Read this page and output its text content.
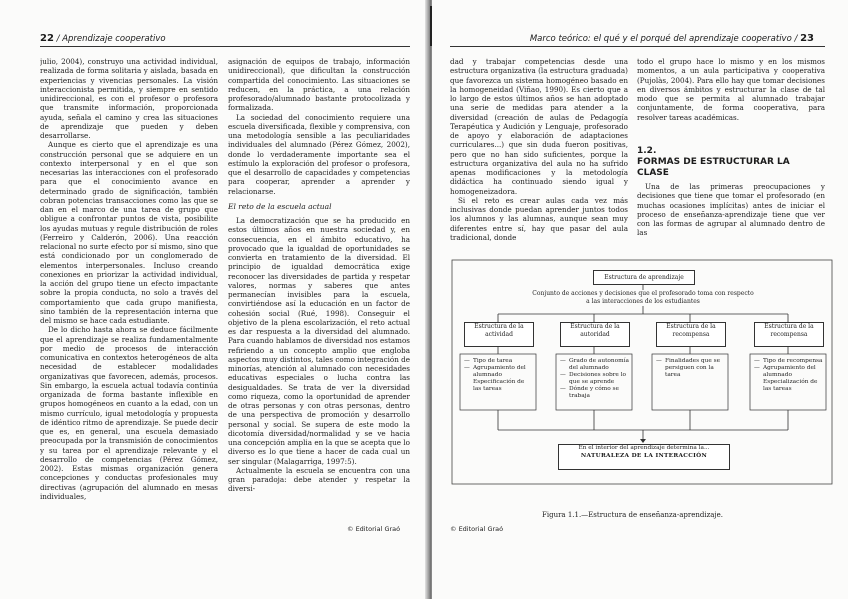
22 / Aprendizaje cooperativo

julio, 2004), construyo una actividad individual, realizada de forma solitaria y aislada, basada en experiencias y vivencias personales. La visión interaccionista permitida, y siempre en sentido unidireccional, es con el profesor o profesora que transmite información, proporcionada ayuda, señala el camino y crea las situaciones de aprendizaje que pueden y deben desarrollarse.

Aunque es cierto que el aprendizaje es una construcción personal que se adquiere en un contexto interpersonal y en el que son necesarias las interacciones con el profesorado para que el conocimiento avance en determinado grado de significación, también cobran potencias transacciones como las que se dan en el marco de una tarea de grupo que obligue a confrontar puntos de vista, posibilite los ayudas mutuas y regule distribución de roles (Ferreiro y Calderón, 2006). Una reacción relacional no surte efecto por sí mismo, sino que está condicionado por un conglomerado de elementos interpersonales. Incluso creando conexiones en priorizar la actividad individual, la acción del grupo tiene un efecto impactante sobre la propia conducta, no solo a través del comportamiento que cada grupo manifiesta, sino también de la representación interna que del mismo se hace cada estudiante.

De lo dicho hasta ahora se deduce fácilmente que el aprendizaje se realiza fundamentalmente por medio de procesos de interacción comunicativa en contextos heterogéneos de alta necesidad de establecer modalidades organizativas que favorecen, además, procesos. Sin embargo, la escuela actual todavía continúa organizada de forma bastante inflexible en grupos homogéneos en cuanto a la edad, con un mismo currículo, igual metodología y propuesta de idéntico ritmo de aprendizaje. Se puede decir que es, en general, una escuela demasiado preocupada por la transmisión de conocimientos y su tarea por el aprendizaje relevante y el desarrollo de competencias (Pérez Gómez, 2002). Estas mismas organización genera concepciones y conductas profesionales muy directivas (agrupación del alumnado en mesas individuales,

asignación de equipos de trabajo, información unidireccional), que dificultan la construcción compartida del conocimiento. Las situaciones se reducen, en la práctica, a una relación profesorado/alumnado bastante protocolizada y formalizada.

La sociedad del conocimiento requiere una escuela diversificada, flexible y comprensiva, con una metodología sensible a las peculiaridades individuales del alumnado (Pérez Gómez, 2002), donde lo verdaderamente importante sea el estímulo la exploración del profesor o profesora, que el desarrollo de capacidades y competencias para cooperar, aprender a aprender y relacionarse.

El reto de la escuela actual

La democratización que se ha producido en estos últimos años en nuestra sociedad y, en consecuencia, en el ámbito educativo, ha provocado que la igualdad de oportunidades se convierta en tratamiento de la diversidad. El principio de igualdad democrática exige reconocer las diversidades de partida y respetar valores, normas y saberes que antes permanecían invisibles para la escuela, convirtiéndose así la educación en un factor de cohesión social (Rué, 1998). Conseguir el objetivo de la plena escolarización, el reto actual es dar respuesta a la diversidad del alumnado. Para cuando hablamos de diversidad nos estamos refiriendo a un concepto amplio que engloba aspectos muy distintos, tales como integración de minorías, atención al alumnado con necesidades educativas especiales o lucha contra las desigualdades. Se trata de ver la diversidad como riqueza, como la oportunidad de aprender de otras personas y con otras personas, dentro de una perspectiva de promoción y desarrollo personal y social. Se supera de este modo la dicotomía diversidad/normalidad y se ve hacia una concepción amplia en la que se acepta que lo diverso es lo que tiene a hacer de cada cual un ser singular (Malagarriga, 1997:5).

Actualmente la escuela se encuentra con una gran paradoja: debe atender y respetar la diversi-

© Editorial Graó
Marco teórico: el qué y el porqué del aprendizaje cooperativo / 23

dad y trabajar competencias desde una estructura organizativa (la estructura graduada) que favorezca un sistema homogéneo basado en la homogeneidad (Viñao, 1990). Es cierto que a lo largo de estos últimos años se han adoptado una serie de medidas para atender a la diversidad (creación de aulas de Pedagogía Terapéutica y Audición y Lenguaje, profesorado de apoyo y elaboración de adaptaciones curriculares...) que sin duda fueron positivas, pero que no han sido suficientes, porque la estructura organizativa del aula no ha sufrido apenas modificaciones y la metodología didáctica ha continuado siendo igual y homogeneizadora.

Si el reto es crear aulas cada vez más inclusivas donde puedan aprender juntos todos los alumnos y las alumnas, aunque sean muy diferentes entre sí, hay que pasar del aula tradicional, donde

todo el grupo hace lo mismo y en los mismos momentos, a un aula participativa y cooperativa (Pujolàs, 2004). Para ello hay que tomar decisiones en diversos ámbitos y estructurar la clase de tal modo que se permita al alumnado trabajar conjuntamente, de forma cooperativa, para resolver tareas académicas.

1.2.FORMAS DE ESTRUCTURAR LA CLASE

Una de las primeras preocupaciones y decisiones que tiene que tomar el profesorado (en muchas ocasiones implícitas) antes de iniciar el proceso de enseñanza-aprendizaje tiene que ver con las formas de agrupar al alumnado dentro de las

Estructura de aprendizaje
Conjunto de acciones y decisiones que el profesorado toma con respecto a las interacciones de los estudiantes
Estructura de la actividad
Estructura de la autoridad
Estructura de la recompensa
Estructura de la recompensa
— Tipo de tarea
— Agrupamiento del alumnado Especificación de las tareas
— Grado de autonomía del alumnado
— Decisiones sobre lo que se aprende
— Dónde y cómo se trabaja
— Finalidades que se persiguen con la tarea
— Tipo de recompensa
— Agrupamiento del alumnado Especialización de las tareas
En el interior del aprendizaje determina la...
NATURALEZA DE LA INTERACCIÓN
Figura 1.1.—Estructura de enseñanza-aprendizaje.
© Editorial Graó
